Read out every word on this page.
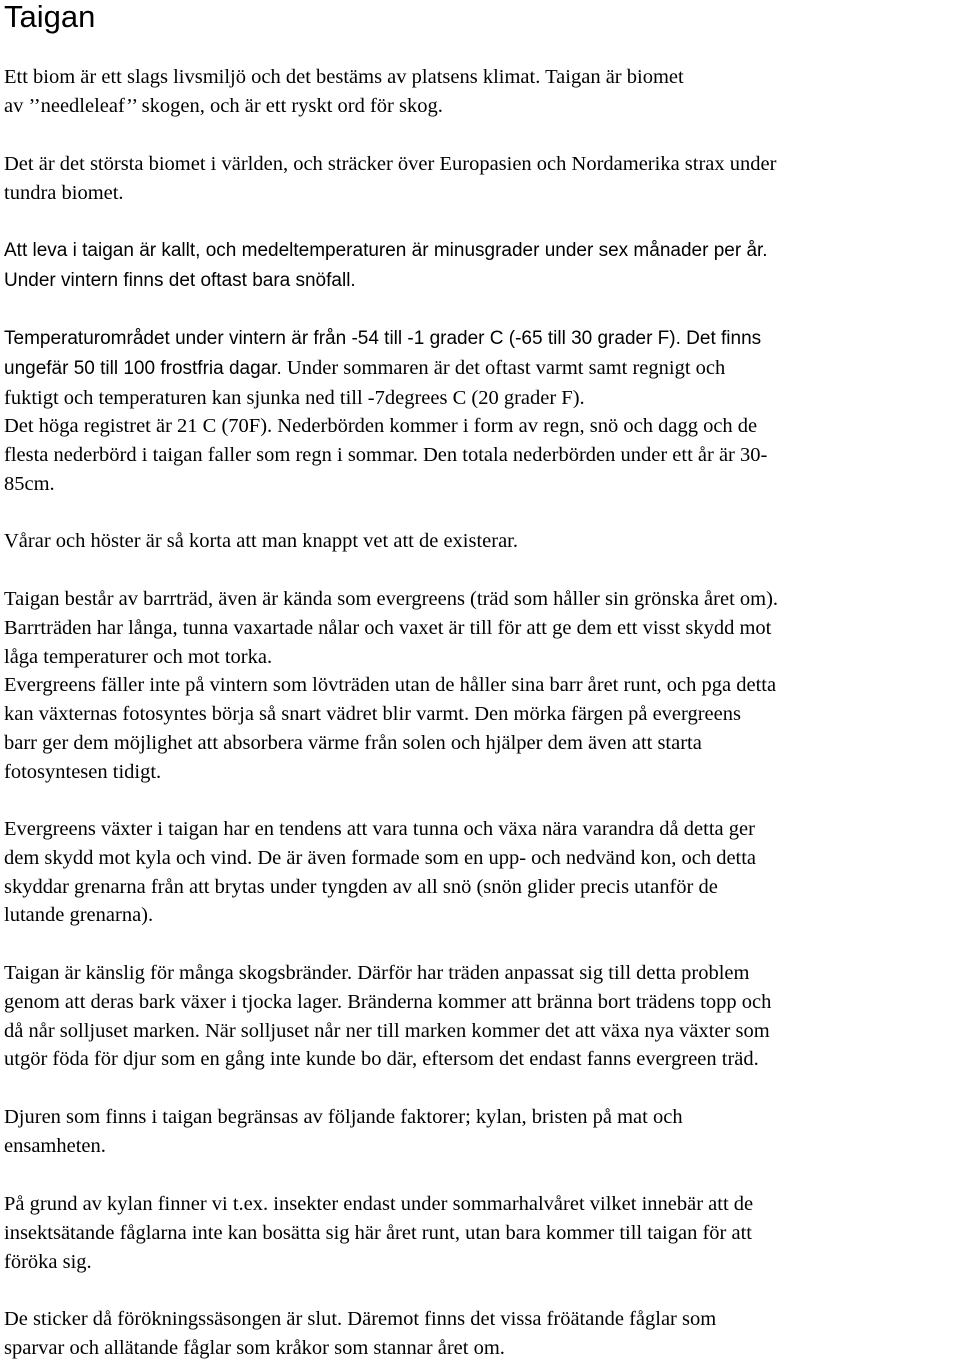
Taigan

Ett biom är ett slags livsmiljö och det bestäms av platsens klimat. Taigan är biomet
av ’’needleleaf’’ skogen, och är ett ryskt ord för skog.

Det är det största biomet i världen, och sträcker över Europasien och Nordamerika strax under
tundra biomet.

Att leva i taigan är kallt, och medeltemperaturen är minusgrader under sex månader per år.
Under vintern finns det oftast bara snöfall.

Temperaturområdet under vintern är från -54 till -1 grader C (-65 till 30 grader F). Det finns
ungefär 50 till 100 frostfria dagar. Under sommaren är det oftast varmt samt regnigt och
fuktigt och temperaturen kan sjunka ned till -7degrees C (20 grader F).
Det höga registret är 21 C (70F). Nederbörden kommer i form av regn, snö och dagg och de
flesta nederbörd i taigan faller som regn i sommar. Den totala nederbörden under ett år är 30-
85cm.

Vårar och höster är så korta att man knappt vet att de existerar.

Taigan består av barrträd, även är kända som evergreens (träd som håller sin grönska året om).
Barrträden har långa, tunna vaxartade nålar och vaxet är till för att ge dem ett visst skydd mot
låga temperaturer och mot torka.
Evergreens fäller inte på vintern som lövträden utan de håller sina barr året runt, och pga detta
kan växternas fotosyntes börja så snart vädret blir varmt. Den mörka färgen på evergreens
barr ger dem möjlighet att absorbera värme från solen och hjälper dem även att starta
fotosyntesen tidigt.

Evergreens växter i taigan har en tendens att vara tunna och växa nära varandra då detta ger
dem skydd mot kyla och vind. De är även formade som en upp- och nedvänd kon, och detta
skyddar grenarna från att brytas under tyngden av all snö (snön glider precis utanför de
lutande grenarna).

Taigan är känslig för många skogsbränder. Därför har träden anpassat sig till detta problem
genom att deras bark växer i tjocka lager. Bränderna kommer att bränna bort trädens topp och
då når solljuset marken. När solljuset når ner till marken kommer det att växa nya växter som
utgör föda för djur som en gång inte kunde bo där, eftersom det endast fanns evergreen träd.

Djuren som finns i taigan begränsas av följande faktorer; kylan, bristen på mat och
ensamheten.

På grund av kylan finner vi t.ex. insekter endast under sommarhalvåret vilket innebär att de
insektsätande fåglarna inte kan bosätta sig här året runt, utan bara kommer till taigan för att
föröka sig.

De sticker då förökningssäsongen är slut. Däremot finns det vissa fröätande fåglar som
sparvar och allätande fåglar som kråkor som stannar året om.
